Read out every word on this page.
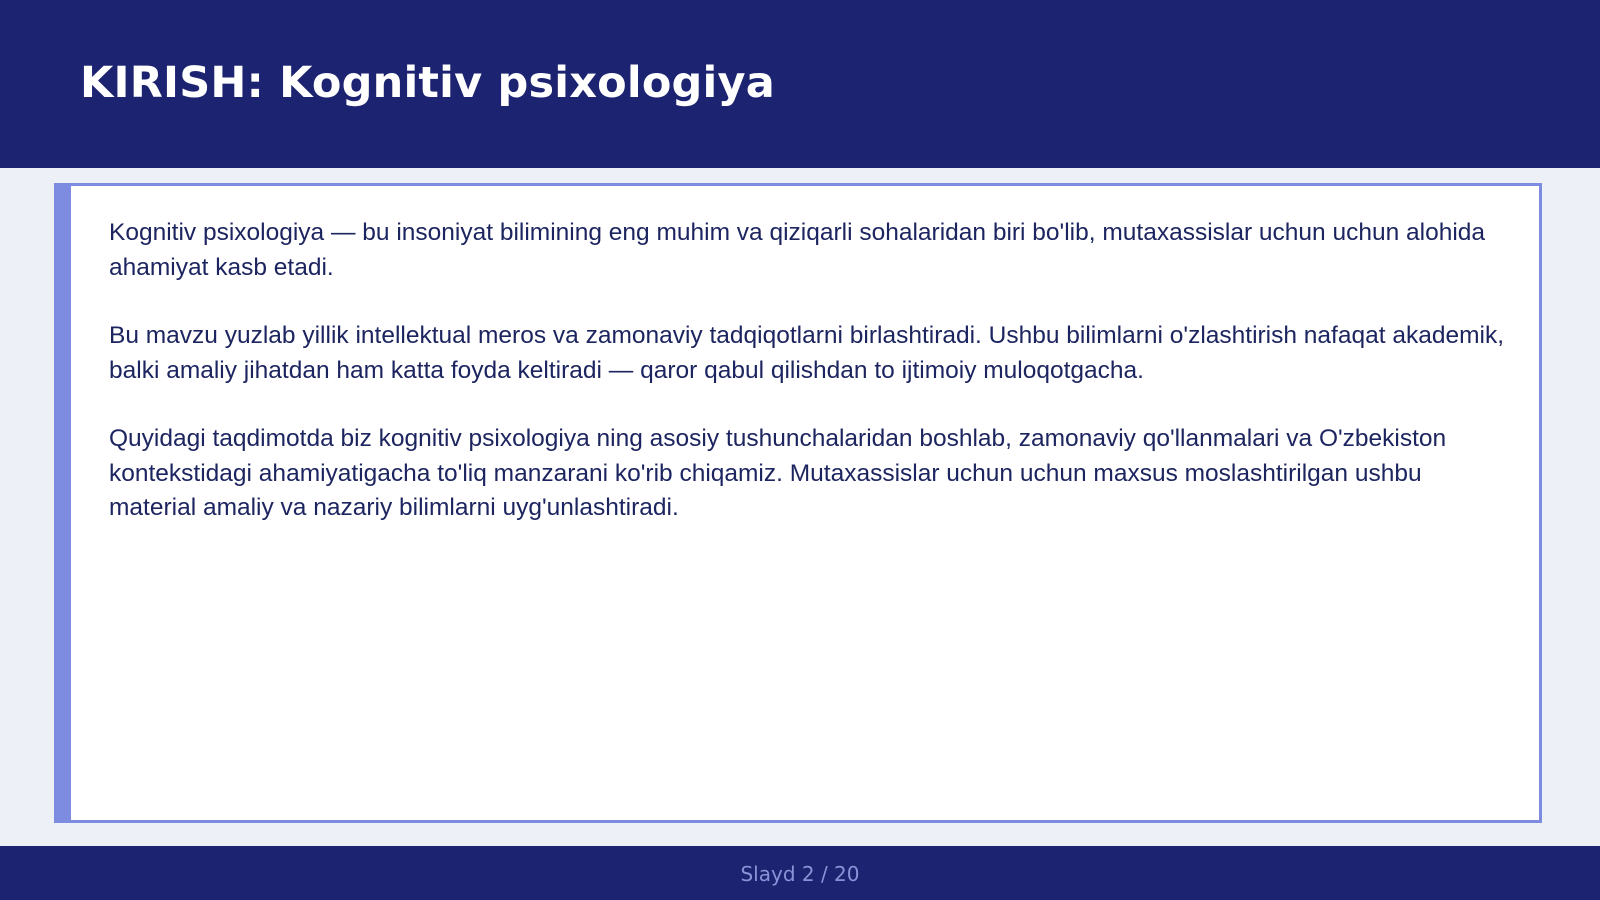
KIRISH: Kognitiv psixologiya

Kognitiv psixologiya — bu insoniyat bilimining eng muhim va qiziqarli sohalaridan biri bo'lib, mutaxassislar uchun uchun alohida ahamiyat kasb etadi.

Bu mavzu yuzlab yillik intellektual meros va zamonaviy tadqiqotlarni birlashtiradi. Ushbu bilimlarni o'zlashtirish nafaqat akademik, balki amaliy jihatdan ham katta foyda keltiradi — qaror qabul qilishdan to ijtimoiy muloqotgacha.

Quyidagi taqdimotda biz kognitiv psixologiya ning asosiy tushunchalaridan boshlab, zamonaviy qo'llanmalari va O'zbekiston kontekstidagi ahamiyatigacha to'liq manzarani ko'rib chiqamiz. Mutaxassislar uchun uchun maxsus moslashtirilgan ushbu material amaliy va nazariy bilimlarni uyg'unlashtiradi.

Slayd 2 / 20
